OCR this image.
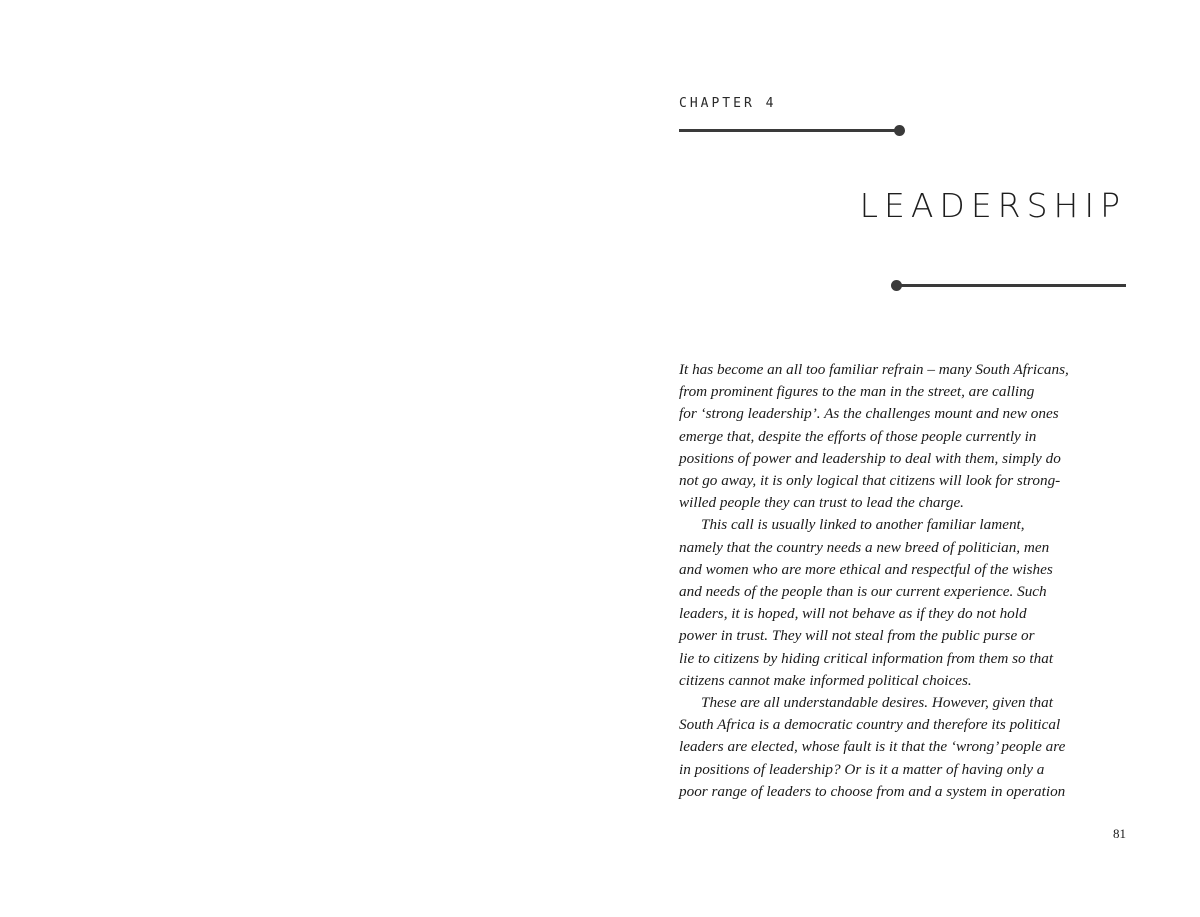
CHAPTER 4
LEADERSHIP
It has become an all too familiar refrain – many South Africans,
from prominent figures to the man in the street, are calling
for ‘strong leadership’. As the challenges mount and new ones
emerge that, despite the efforts of those people currently in
positions of power and leadership to deal with them, simply do
not go away, it is only logical that citizens will look for strong-
willed people they can trust to lead the charge.
This call is usually linked to another familiar lament,
namely that the country needs a new breed of politician, men
and women who are more ethical and respectful of the wishes
and needs of the people than is our current experience. Such
leaders, it is hoped, will not behave as if they do not hold
power in trust. They will not steal from the public purse or
lie to citizens by hiding critical information from them so that
citizens cannot make informed political choices.
These are all understandable desires. However, given that
South Africa is a democratic country and therefore its political
leaders are elected, whose fault is it that the ‘wrong’ people are
in positions of leadership? Or is it a matter of having only a
poor range of leaders to choose from and a system in operation
81
